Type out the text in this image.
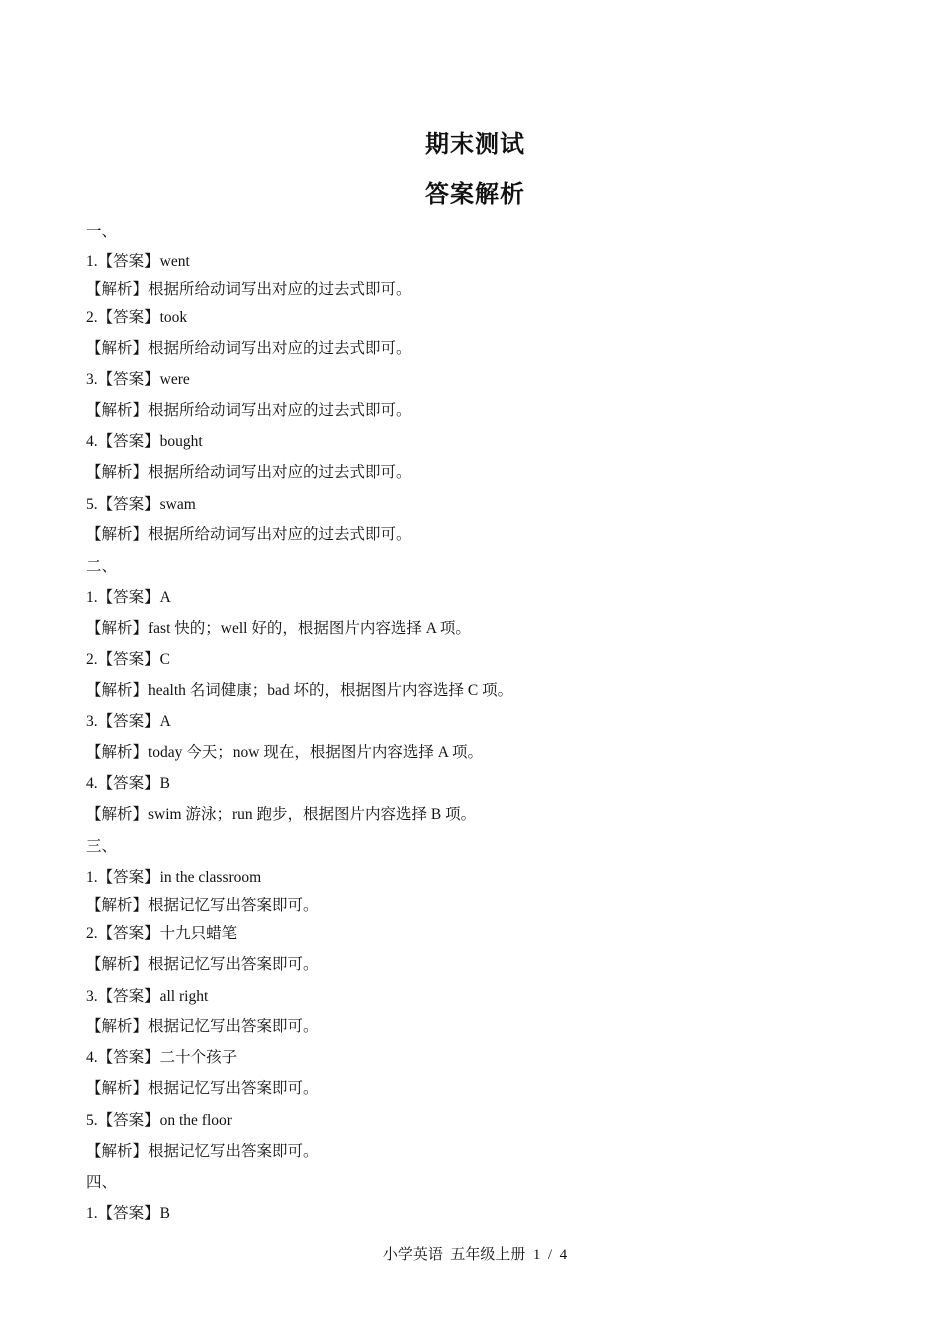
期末测试
答案解析
一、
1.【答案】went
【解析】根据所给动词写出对应的过去式即可。
2.【答案】took
【解析】根据所给动词写出对应的过去式即可。
3.【答案】were
【解析】根据所给动词写出对应的过去式即可。
4.【答案】bought
【解析】根据所给动词写出对应的过去式即可。
5.【答案】swam
【解析】根据所给动词写出对应的过去式即可。
二、
1.【答案】A
【解析】fast 快的；well 好的，根据图片内容选择 A 项。
2.【答案】C
【解析】health 名词健康；bad 坏的，根据图片内容选择 C 项。
3.【答案】A
【解析】today 今天；now 现在，根据图片内容选择 A 项。
4.【答案】B
【解析】swim 游泳；run 跑步，根据图片内容选择 B 项。
三、
1.【答案】in the classroom
【解析】根据记忆写出答案即可。
2.【答案】十九只蜡笔
【解析】根据记忆写出答案即可。
3.【答案】all right
【解析】根据记忆写出答案即可。
4.【答案】二十个孩子
【解析】根据记忆写出答案即可。
5.【答案】on the floor
【解析】根据记忆写出答案即可。
四、
1.【答案】B
小学英语  五年级上册  1  /  4
